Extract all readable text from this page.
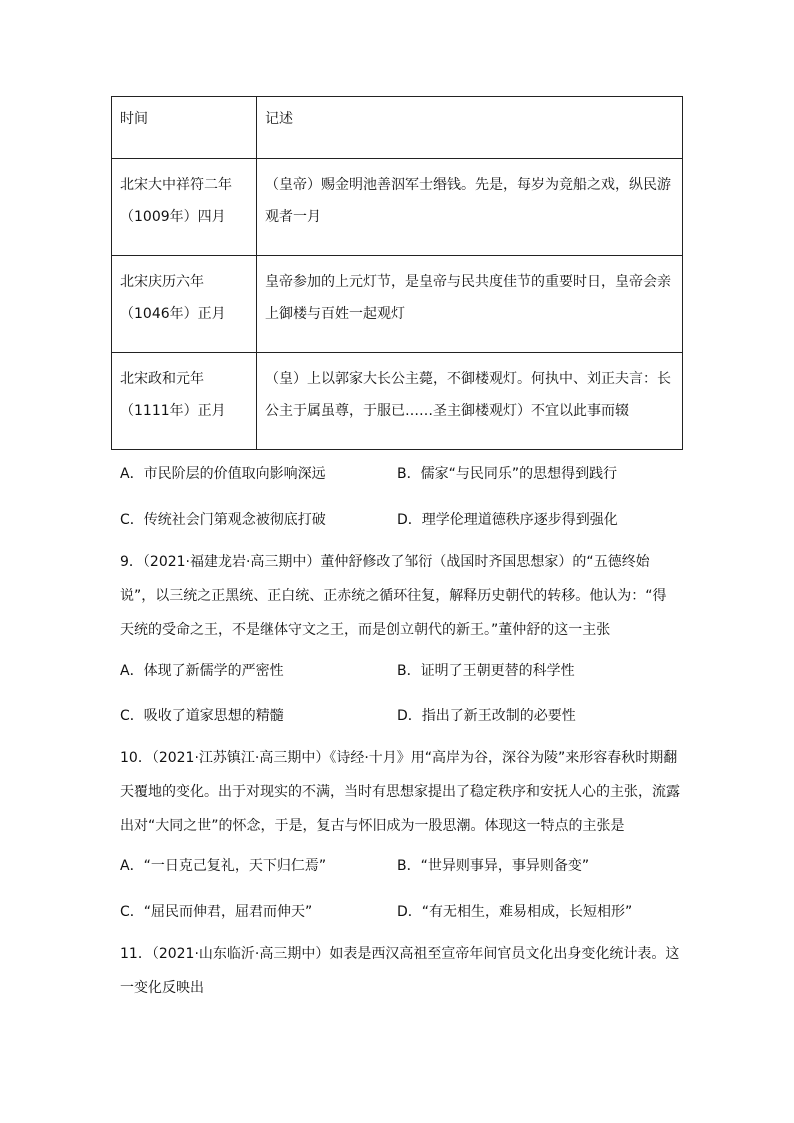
时间	记述
北宋大中祥符二年（1009年）四月	（皇帝）赐金明池善泅军士缗钱。先是，每岁为竞船之戏，纵民游观者一月
北宋庆历六年（1046年）正月	皇帝参加的上元灯节，是皇帝与民共度佳节的重要时日，皇帝会亲上御楼与百姓一起观灯
北宋政和元年（1111年）正月	（皇）上以郭家大长公主薨，不御楼观灯。何执中、刘正夫言：长公主于属虽尊，于服已……圣主御楼观灯）不宜以此事而辍
A．市民阶层的价值取向影响深远	B．儒家“与民同乐”的思想得到践行
C．传统社会门第观念被彻底打破	D．理学伦理道德秩序逐步得到强化
9．（2021·福建龙岩·高三期中）董仲舒修改了邹衍（战国时齐国思想家）的“五德终始说”，以三统之正黑统、正白统、正赤统之循环往复，解释历史朝代的转移。他认为：“得天统的受命之王，不是继体守文之王，而是创立朝代的新王。”董仲舒的这一主张
A．体现了新儒学的严密性	B．证明了王朝更替的科学性
C．吸收了道家思想的精髓	D．指出了新王改制的必要性
10．（2021·江苏镇江·高三期中）《诗经·十月》用“高岸为谷，深谷为陵”来形容春秋时期翻天覆地的变化。出于对现实的不满，当时有思想家提出了稳定秩序和安抚人心的主张，流露出对“大同之世”的怀念，于是，复古与怀旧成为一股思潮。体现这一特点的主张是
A．“一日克己复礼，天下归仁焉”	B．“世异则事异，事异则备变”
C．“屈民而伸君，屈君而伸天”	D．“有无相生，难易相成，长短相形”
11．（2021·山东临沂·高三期中）如表是西汉高祖至宣帝年间官员文化出身变化统计表。这一变化反映出
